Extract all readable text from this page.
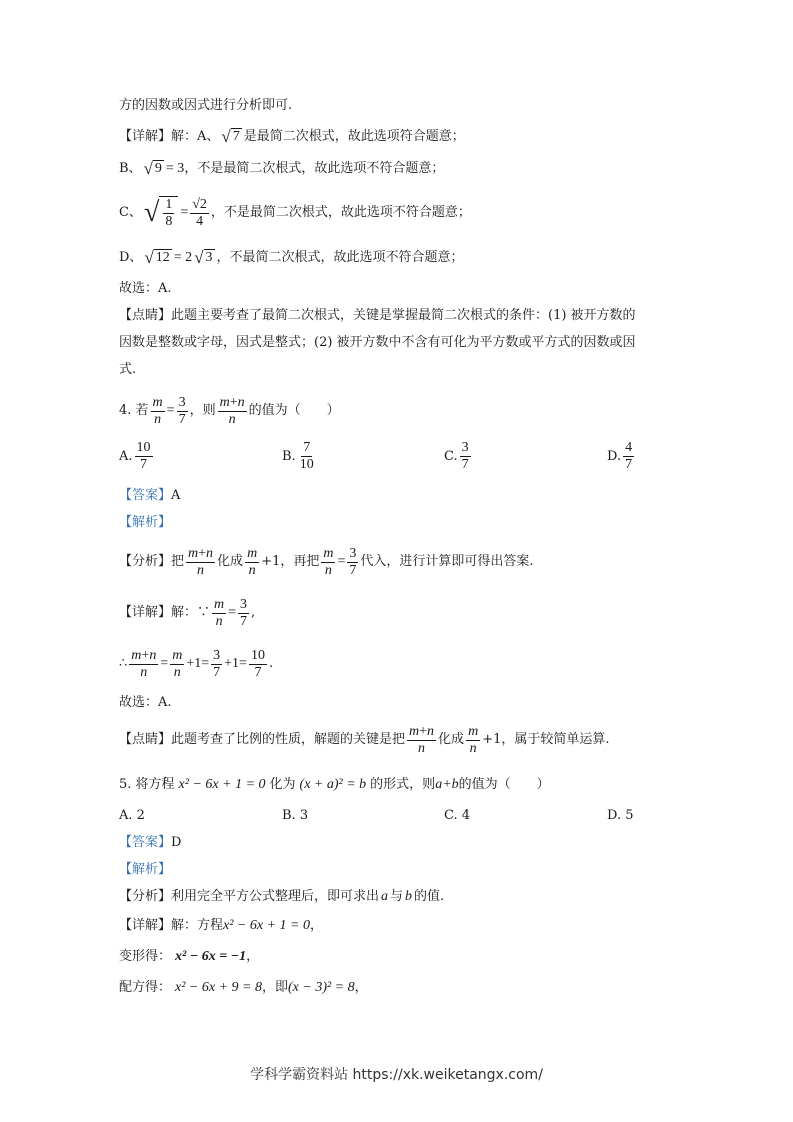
方的因数或因式进行分析即可.
【详解】解：A、 √ 7 是最简二次根式，故此选项符合题意；
B、 √ 9 = 3 ，不是最简二次根式，故此选项不符合题意；
C、 √ $\frac{1}{8} = \frac{√2}{4}$ ，不是最简二次根式，故此选项不符合题意；
D、 √ 12 = 2 √ 3 ，不最简二次根式，故此选项不符合题意；
故选：A.
【点睛】此题主要考查了最简二次根式，关键是掌握最简二次根式的条件：(1) 被开方数的
因数是整数或字母，因式是整式；(2) 被开方数中不含有可化为平方数或平方式的因数或因
式.
4. 若 $\frac{m}{n} = \frac{3}{7}$ ，则 $\frac{m+n}{n}$ 的值为（　　）
A. $\frac{10}{7}$	B. $\frac{7}{10}$	C. $\frac{3}{7}$	D. $\frac{4}{7}$
【答案】 A
【解析】
【分析】把 $\frac{m+n}{n}$ 化成 $\frac{m}{n} +1$，再把 $\frac{m}{n} = \frac{3}{7}$ 代入，进行计算即可得出答案.
【详解】解：∵ $\frac{m}{n} = \frac{3}{7}$ ,
∴ $\frac{m+n}{n} = \frac{m}{n} +1= \frac{3}{7} +1= \frac{10}{7}$ .
故选：A.
【点睛】此题考查了比例的性质，解题的关键是把 $\frac{m+n}{n}$ 化成 $\frac{m}{n} +1$，属于较简单运算.
5. 将方程 x² − 6x + 1 = 0 化为 (x + a)² = b 的形式，则 a+b 的值为（　　）
A. 2	B. 3	C. 4	D. 5
【答案】 D
【解析】
【分析】利用完全平方公式整理后，即可求出 a 与 b 的值.
【详解】解：方程 x² − 6x + 1 = 0 ，
变形得： x² − 6x = −1 ，
配方得： x² − 6x + 9 = 8 ，即 (x − 3)² = 8 ，
学科学霸资料站 https://xk.weiketangx.com/
